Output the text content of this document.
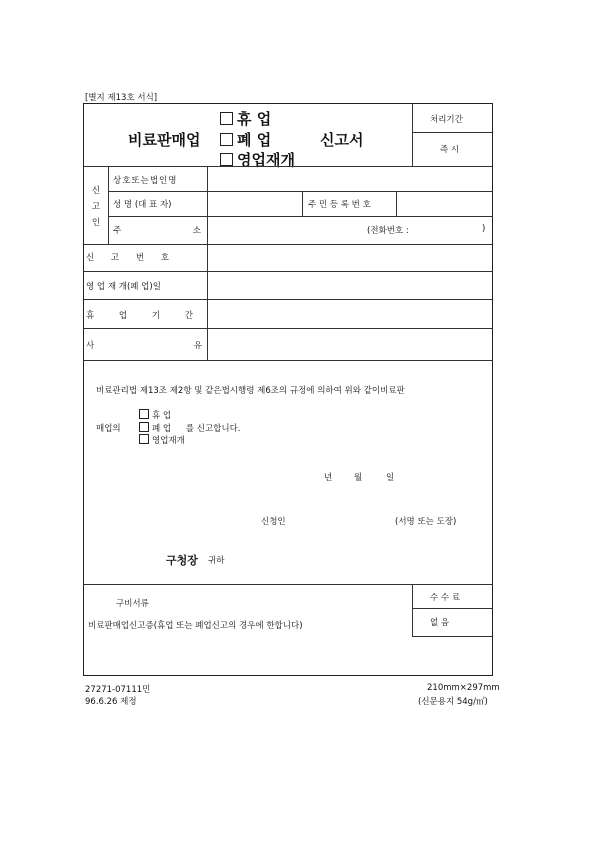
[별지 제13호 서식]
비료판매업
휴 업
폐 업
영업재개
신고서
처리기간
즉 시
신
고
인
상호또는법인명
성 명 (대 표 자)	주 민 등 록 번 호
주	소	(전화번호 :	)
신 고 번 호
영 업 재 개(폐 업)일
휴 업 기 간
사	유
비료관리법 제13조 제2항 및 같은법시행령 제6조의 규정에 의하여 위와 같이비료판
휴 업
매업의	폐 업 를 신고합니다.
영업재개
년	월	일
신청인	(서명 또는 도장)
구청장 귀하
구비서류
비료판매업신고증(휴업 또는 폐업신고의 경우에 한합니다)
수 수 료
없 음
27271-07111민
96.6.26 제정
210mm×297mm
(신문용지 54g/㎡)
